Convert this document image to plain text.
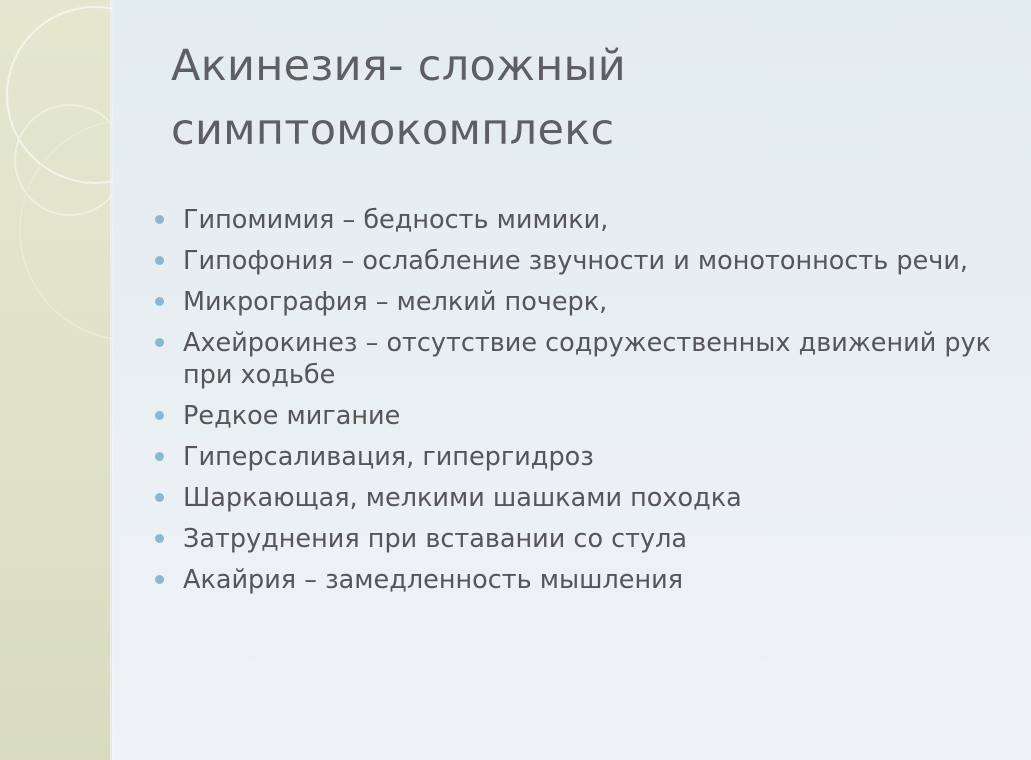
Акинезия- сложный
симптомокомплекс
Гипомимия – бедность мимики,
Гипофония – ослабление звучности и монотонность речи,
Микрография – мелкий почерк,
Ахейрокинез – отсутствие содружественных движений рук при ходьбе
Редкое мигание
Гиперсаливация, гипергидроз
Шаркающая, мелкими шашками походка
Затруднения при вставании со стула
Акайрия – замедленность мышления
